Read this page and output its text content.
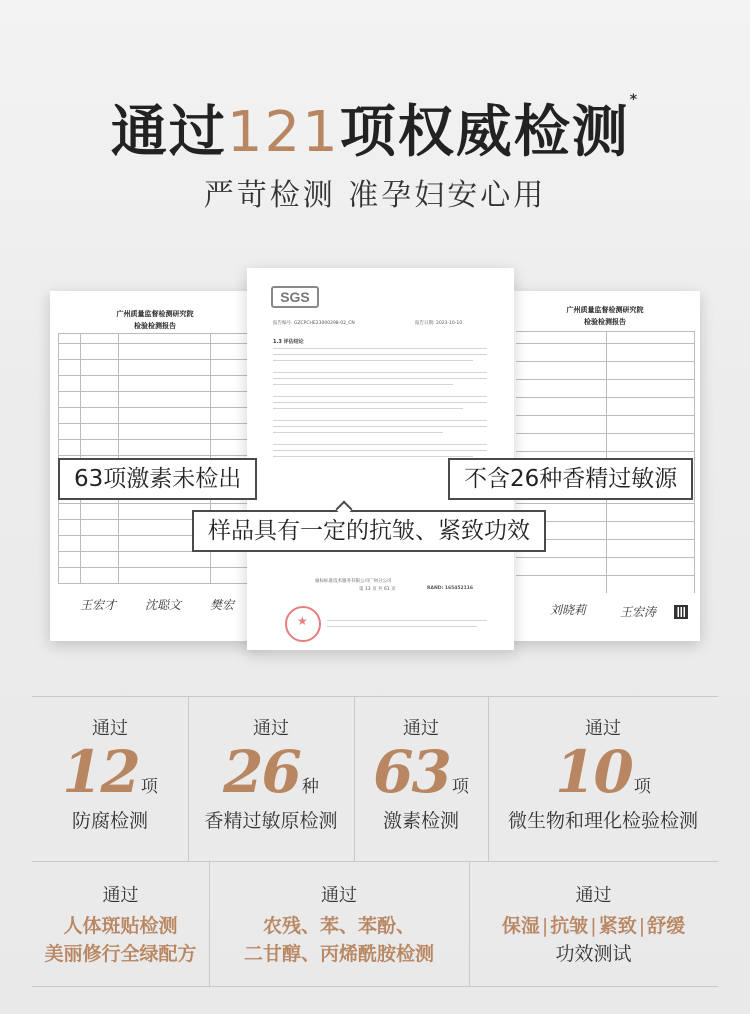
通过121项权威检测*
严苛检测 准孕妇安心用
广州质量监督检测研究院
检验检测报告
王宏才 沈聪文 樊宏
广州质量监督检测研究院
检验检测报告
刘晓莉	王宏涛
SGS
报告编号: GZCPCHE23000298-02_CN	报告日期: 2023-10-10
1.3 评估结论
通标标准技术服务有限公司广州分公司
第 13 页 共 61 页	RAND: 165452116
★
63项激素未检出	不含26种香精过敏源
样品具有一定的抗皱、紧致功效
通过
12 项
防腐检测
通过
26 种
香精过敏原检测
通过
63 项
激素检测
通过
10 项
微生物和理化检验检测
通过
人体斑贴检测
美丽修行全绿配方
通过
农残、苯、苯酚、
二甘醇、丙烯酰胺检测
通过
保湿 | 抗皱 | 紧致 | 舒缓
功效测试
